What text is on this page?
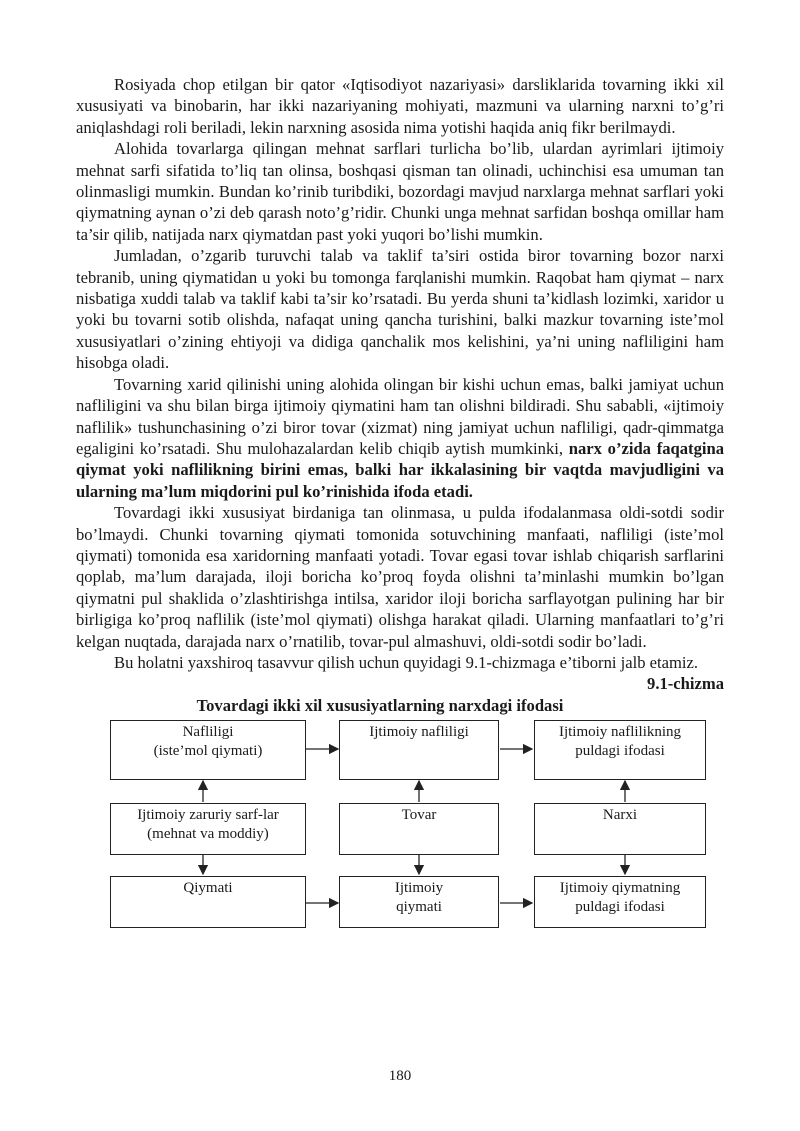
Rosiyada chop etilgan bir qator «Iqtisodiyot nazariyasi» darsliklarida tovarning ikki xil xususiyati va binobarin, har ikki nazariyaning mohiyati, mazmuni va ularning narxni to’g’ri aniqlashdagi roli beriladi, lekin narxning asosida nima yotishi haqida aniq fikr berilmaydi.

Alohida tovarlarga qilingan mehnat sarflari turlicha bo’lib, ulardan ayrimlari ijtimoiy mehnat sarfi sifatida to’liq tan olinsa, boshqasi qisman tan olinadi, uchinchisi esa umuman tan olinmasligi mumkin. Bundan ko’rinib turibdiki, bozordagi mavjud narxlarga mehnat sarflari yoki qiymatning aynan o’zi deb qarash noto’g’ridir. Chunki unga mehnat sarfidan boshqa omillar ham ta’sir qilib, natijada narx qiymatdan past yoki yuqori bo’lishi mumkin.

Jumladan, o’zgarib turuvchi talab va taklif ta’siri ostida biror tovarning bozor narxi tebranib, uning qiymatidan u yoki bu tomonga farqlanishi mumkin. Raqobat ham qiymat – narx nisbatiga xuddi talab va taklif kabi ta’sir ko’rsatadi. Bu yerda shuni ta’kidlash lozimki, xaridor u yoki bu tovarni sotib olishda, nafaqat uning qancha turishini, balki mazkur tovarning iste’mol xususiyatlari o’zining ehtiyoji va didiga qanchalik mos kelishini, ya’ni uning nafliligini ham hisobga oladi.

Tovarning xarid qilinishi uning alohida olingan bir kishi uchun emas, balki jamiyat uchun nafliligini va shu bilan birga ijtimoiy qiymatini ham tan olishni bildiradi. Shu sababli, «ijtimoiy naflilik» tushunchasining o’zi biror tovar (xizmat) ning jamiyat uchun nafliligi, qadr-qimmatga egaligini ko’rsatadi. Shu mulohazalardan kelib chiqib aytish mumkinki, narx o’zida faqatgina qiymat yoki naflilikning birini emas, balki har ikkalasining bir vaqtda mavjudligini va ularning ma’lum miqdorini pul ko’rinishida ifoda etadi.

Tovardagi ikki xususiyat birdaniga tan olinmasa, u pulda ifodalanmasa oldi-sotdi sodir bo’lmaydi. Chunki tovarning qiymati tomonida sotuvchining manfaati, nafliligi (iste’mol qiymati) tomonida esa xaridorning manfaati yotadi. Tovar egasi tovar ishlab chiqarish sarflarini qoplab, ma’lum darajada, iloji boricha ko’proq foyda olishni ta’minlashi mumkin bo’lgan qiymatni pul shaklida o’zlashtirishga intilsa, xaridor iloji boricha sarflayotgan pulining har bir birligiga ko’proq naflilik (iste’mol qiymati) olishga harakat qiladi. Ularning manfaatlari to’g’ri kelgan nuqtada, darajada narx o’rnatilib, tovar-pul almashuvi, oldi-sotdi sodir bo’ladi.

Bu holatni yaxshiroq tasavvur qilish uchun quyidagi 9.1-chizmaga e’tiborni jalb etamiz.

9.1-chizma

Tovardagi ikki xil xususiyatlarning narxdagi ifodasi

Nafliligi
(iste’mol qiymati)
Ijtimoiy nafliligi	Ijtimoiy naflilikning
puldagi ifodasi
Ijtimoiy zaruriy sarf-lar
(mehnat va moddiy)
Tovar	Narxi
Qiymati	Ijtimoiy
qiymati
Ijtimoiy qiymatning
puldagi ifodasi
180
